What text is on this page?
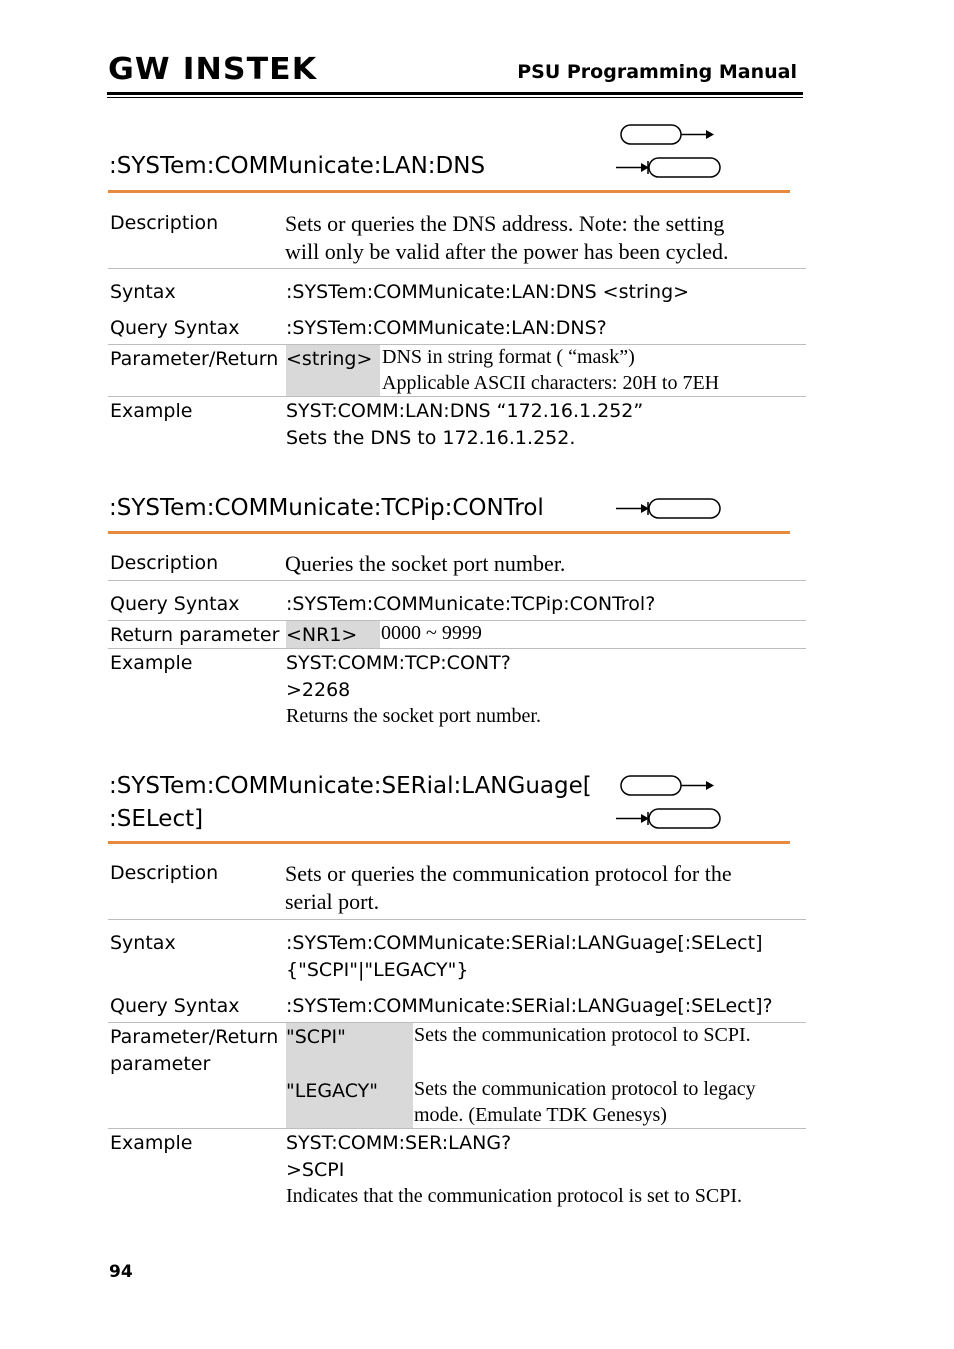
GW INSTEK	PSU Programming Manual
:SYSTem:COMMunicate:LAN:DNS
Description	Sets or queries the DNS address. Note: the setting
will only be valid after the power has been cycled.
Syntax	:SYSTem:COMMunicate:LAN:DNS <string>
Query Syntax :SYSTem:COMMunicate:LAN:DNS?
Parameter/Return <string> DNS in string format ( “mask”)
Applicable ASCII characters: 20H to 7EH
Example	SYST:COMM:LAN:DNS “172.16.1.252”
Sets the DNS to 172.16.1.252.
:SYSTem:COMMunicate:TCPip:CONTrol
Description	Queries the socket port number.
Query Syntax :SYSTem:COMMunicate:TCPip:CONTrol?
Return parameter <NR1> 0000 ~ 9999
Example	SYST:COMM:TCP:CONT?
>2268
Returns the socket port number.
:SYSTem:COMMunicate:SERial:LANGuage[
:SELect]
Description	Sets or queries the communication protocol for the
serial port.
Syntax	:SYSTem:COMMunicate:SERial:LANGuage[:SELect]
{"SCPI"|"LEGACY"}
Query Syntax :SYSTem:COMMunicate:SERial:LANGuage[:SELect]?
Parameter/Return
parameter
"SCPI"	Sets the communication protocol to SCPI.
"LEGACY" Sets the communication protocol to legacy
mode. (Emulate TDK Genesys)
Example	SYST:COMM:SER:LANG?
>SCPI
Indicates that the communication protocol is set to SCPI.
94
